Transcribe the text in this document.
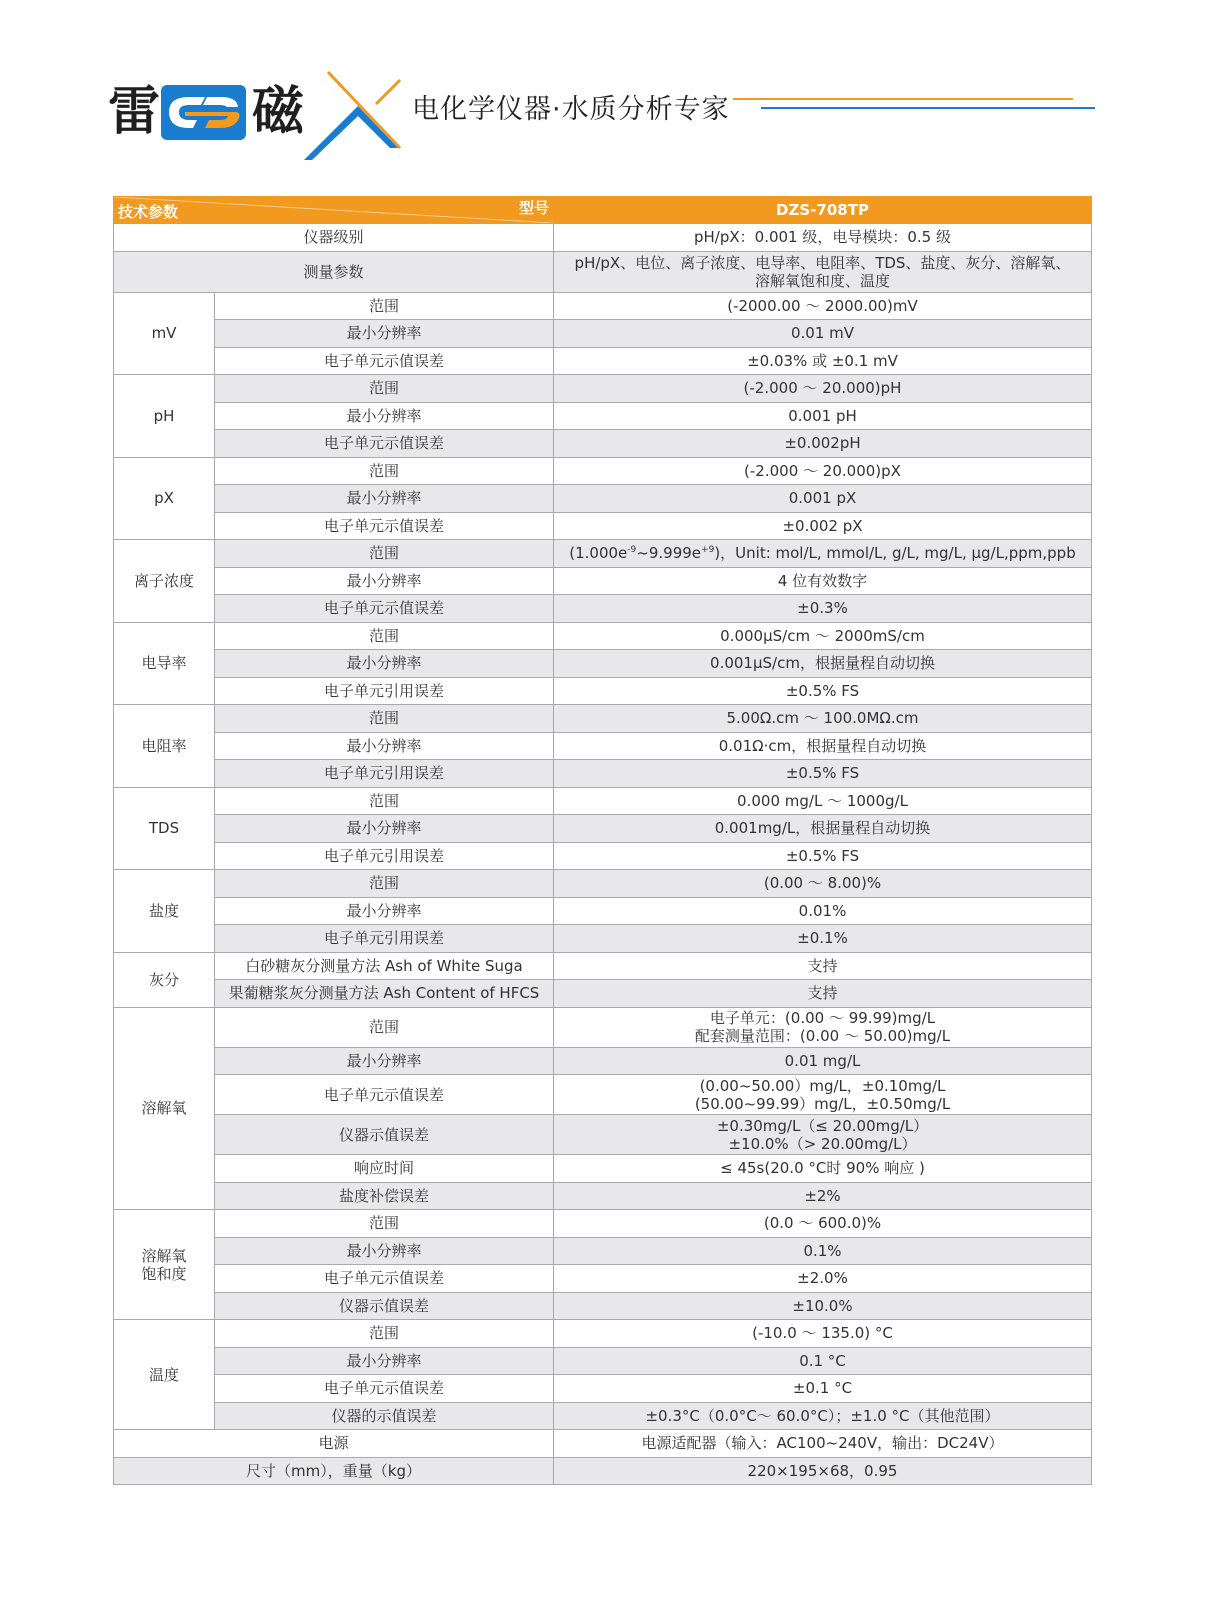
雷 磁	电化学仪器·水质分析专家
技术参数 型号		DZS-708TP
仪器级别		pH/pX：0.001 级，电导模块：0.5 级
测量参数		pH/pX、电位、离子浓度、电导率、电阻率、TDS、盐度、灰分、溶解氧、
溶解氧饱和度、温度
mV	范围	(-2000.00 ～ 2000.00)mV
	最小分辨率	0.01 mV
	电子单元示值误差	±0.03% 或 ±0.1 mV
pH	范围	(-2.000 ～ 20.000)pH
	最小分辨率	0.001 pH
	电子单元示值误差	±0.002pH
pX	范围	(-2.000 ～ 20.000)pX
	最小分辨率	0.001 pX
	电子单元示值误差	±0.002 pX
离子浓度	范围	$(1.000e^{-9}\sim 9.999e^{+9})$，Unit: mol/L, mmol/L, g/L, mg/L, μg/L,ppm,ppb
	最小分辨率	4 位有效数字
	电子单元示值误差	±0.3%
电导率	范围	0.000μS/cm ～ 2000mS/cm
	最小分辨率	0.001μS/cm，根据量程自动切换
	电子单元引用误差	±0.5% FS
电阻率	范围	5.00Ω.cm ～ 100.0MΩ.cm
	最小分辨率	0.01Ω·cm，根据量程自动切换
	电子单元引用误差	±0.5% FS
TDS	范围	0.000 mg/L ～ 1000g/L
	最小分辨率	0.001mg/L，根据量程自动切换
	电子单元引用误差	±0.5% FS
盐度	范围	(0.00 ～ 8.00)%
	最小分辨率	0.01%
	电子单元引用误差	±0.1%
灰分	白砂糖灰分测量方法 Ash of White Suga	支持
	果葡糖浆灰分测量方法 Ash Content of HFCS	支持
溶解氧	范围	电子单元：(0.00 ～ 99.99)mg/L
配套测量范围：(0.00 ～ 50.00)mg/L
	最小分辨率	0.01 mg/L
	电子单元示值误差	(0.00~50.00）mg/L，±0.10mg/L
(50.00~99.99）mg/L，±0.50mg/L
	仪器示值误差	±0.30mg/L（≤ 20.00mg/L）
±10.0%（> 20.00mg/L）
	响应时间	≤ 45s(20.0 °C时 90% 响应 )
	盐度补偿误差	±2%
溶解氧
饱和度	范围	(0.0 ～ 600.0)%
	最小分辨率	0.1%
	电子单元示值误差	±2.0%
	仪器示值误差	±10.0%
温度	范围	(-10.0 ～ 135.0) °C
	最小分辨率	0.1 °C
	电子单元示值误差	±0.1 °C
	仪器的示值误差	±0.3°C（0.0°C～ 60.0°C）；±1.0 °C（其他范围）
电源		电源适配器（输入：AC100~240V，输出：DC24V）
尺寸（mm），重量（kg）		220×195×68，0.95
